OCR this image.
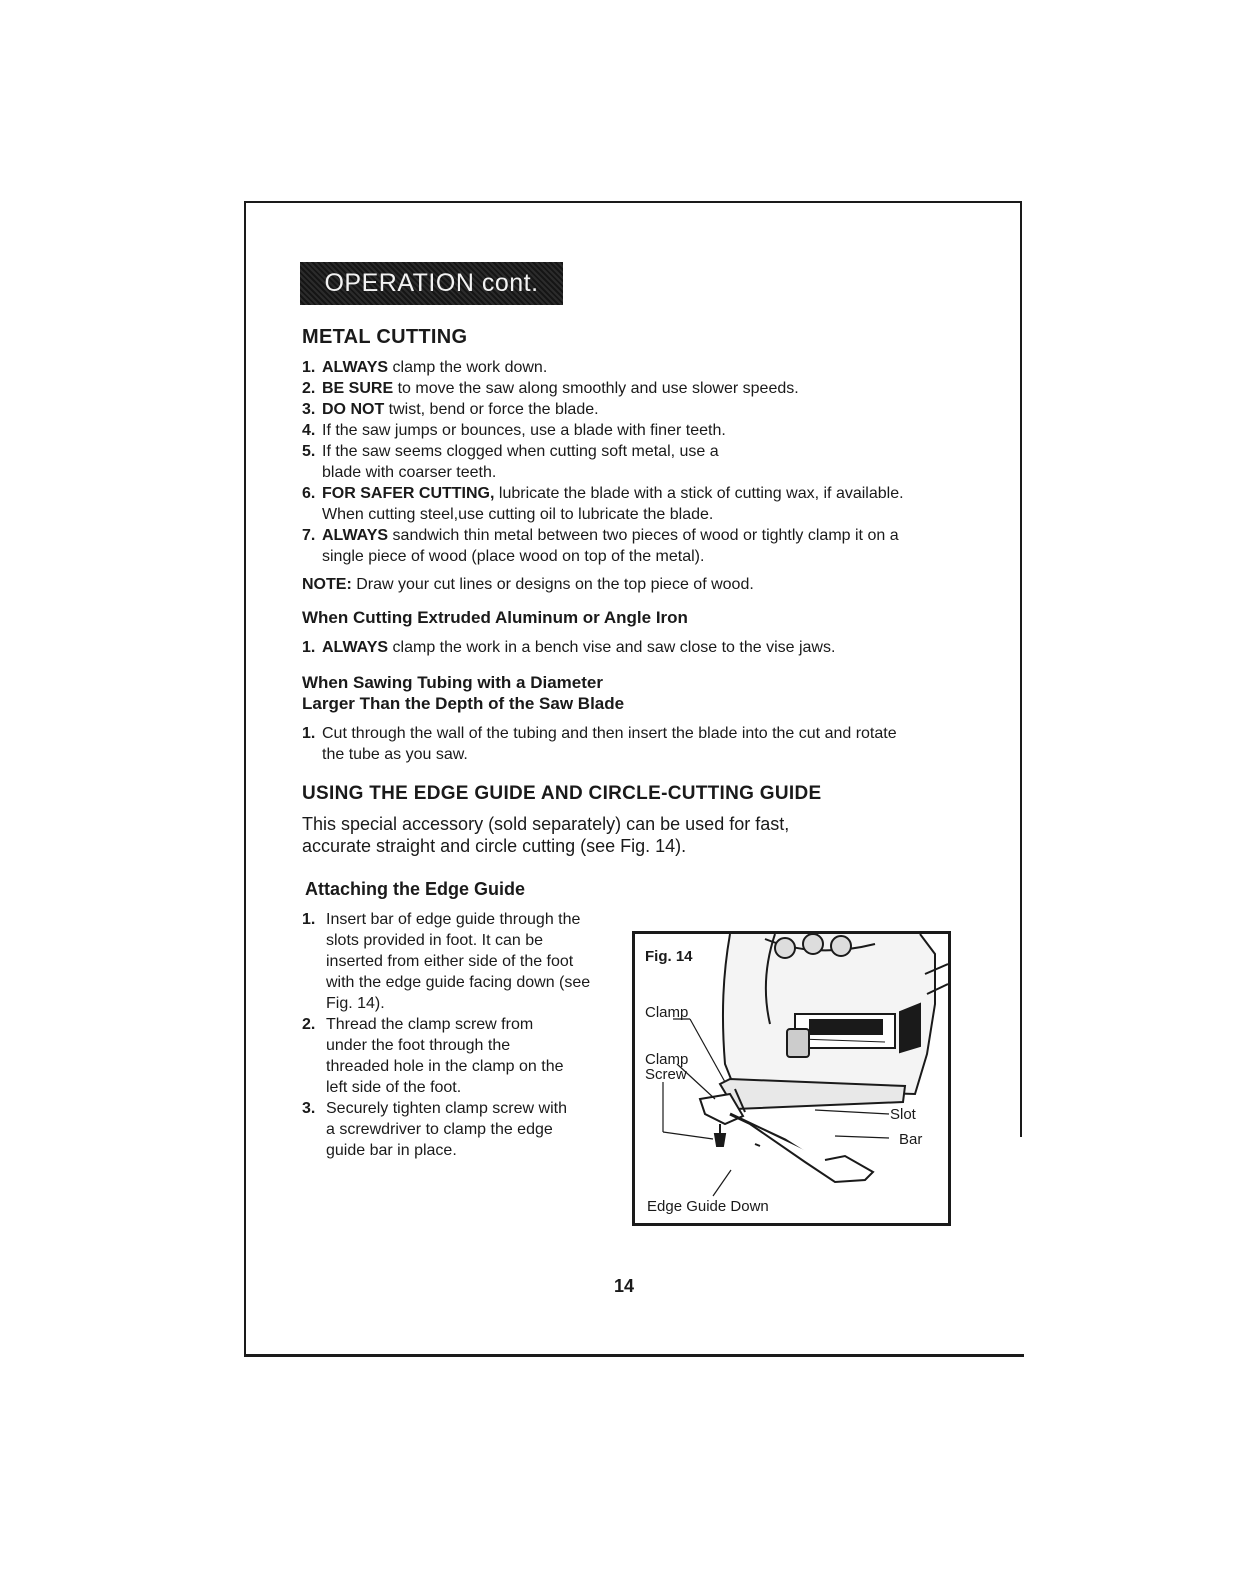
OPERATION cont.
METAL CUTTING
1. ALWAYS clamp the work down.
2. BE SURE to move the saw along smoothly and use slower speeds.
3. DO NOT twist, bend or force the blade.
4. If the saw jumps or bounces, use a blade with finer teeth.
5. If the saw seems clogged when cutting soft metal, use a blade with coarser teeth.
6. FOR SAFER CUTTING, lubricate the blade with a stick of cutting wax, if available. When cutting steel,use cutting oil to lubricate the blade.
7. ALWAYS sandwich thin metal between two pieces of wood or tightly clamp it on a single piece of wood (place wood on top of the metal).
NOTE: Draw your cut lines or designs on the top piece of wood.
When Cutting Extruded Aluminum or Angle Iron
1. ALWAYS clamp the work in a bench vise and saw close to the vise jaws.
When Sawing Tubing with a Diameter
Larger Than the Depth of the Saw Blade
1. Cut through the wall of the tubing and then insert the blade into the cut and rotate the tube as you saw.
USING THE EDGE GUIDE AND CIRCLE-CUTTING GUIDE

This special accessory (sold separately) can be used for fast, accurate straight and circle cutting (see Fig. 14).

Attaching the Edge Guide
1. Insert bar of edge guide through the slots provided in foot. It can be inserted from either side of the foot with the edge guide facing down (see Fig. 14).
2. Thread the clamp screw from under the foot through the threaded hole in the clamp on the left side of the foot.
3. Securely tighten clamp screw with a screwdriver to clamp the edge guide bar in place.
Fig. 14
Clamp
Clamp Screw
Slot
Bar
Edge Guide Down
14
